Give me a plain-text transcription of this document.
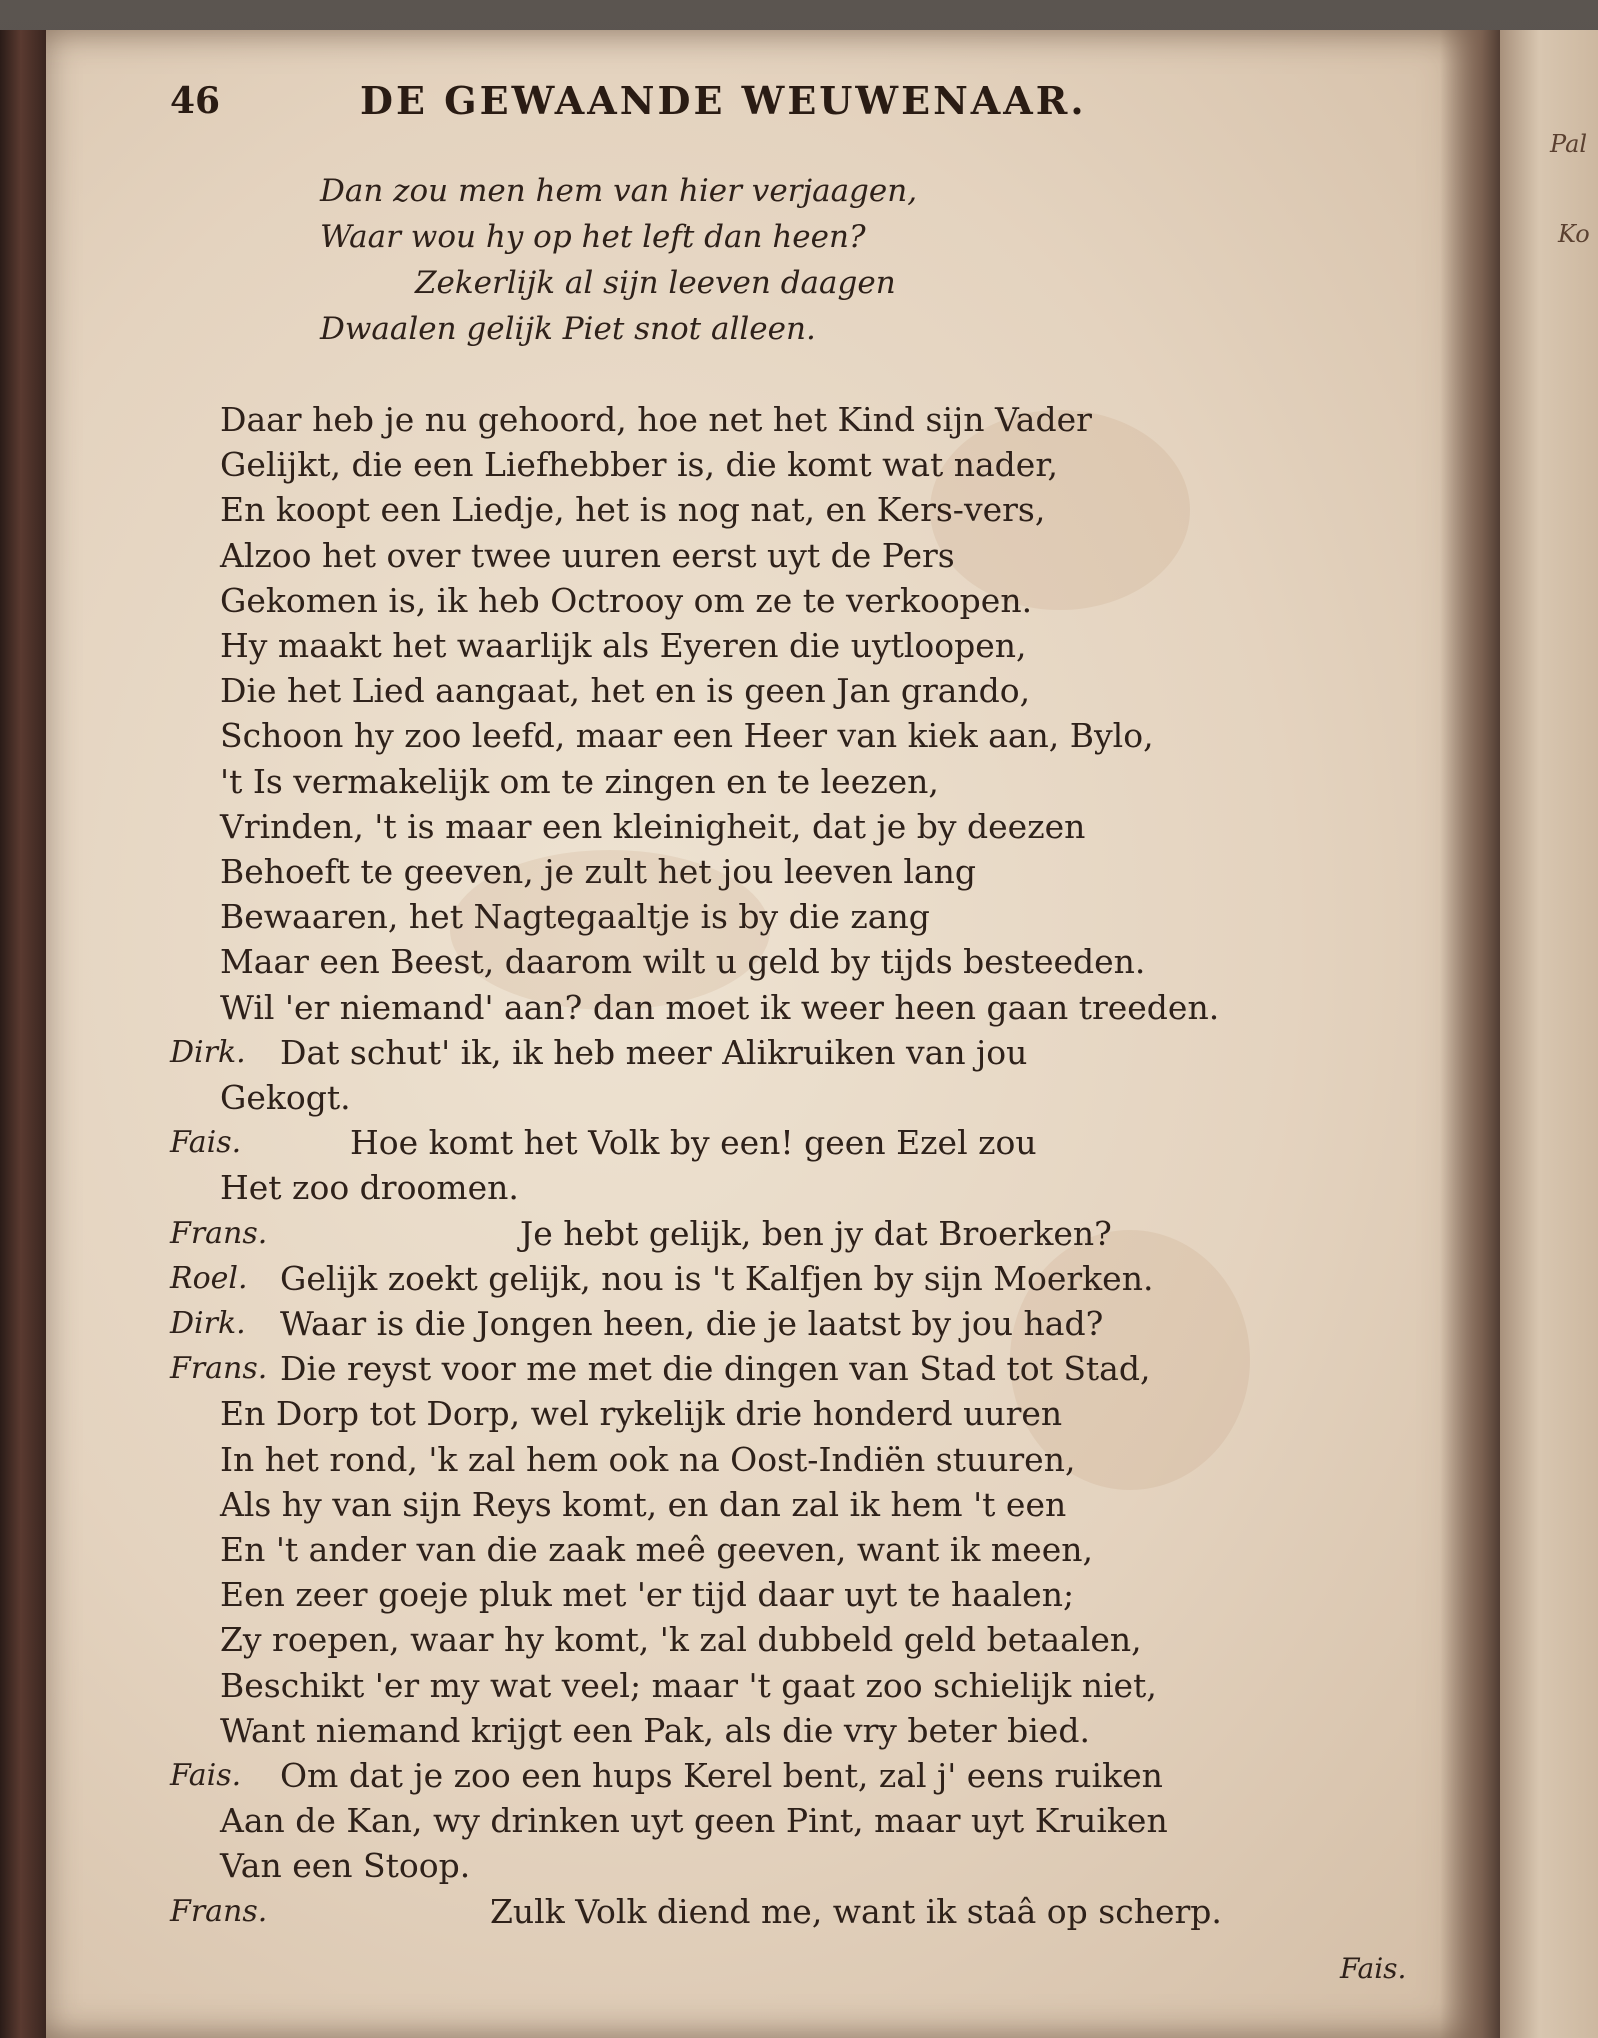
Pal
Ko
46	DE GEWAANDE WEUWENAAR.
Dan zou men hem van hier verjaagen,
Waar wou hy op het left dan heen?
Zekerlijk al sijn leeven daagen
Dwaalen gelijk Piet snot alleen.
Daar heb je nu gehoord, hoe net het Kind sijn Vader
Gelijkt, die een Liefhebber is, die komt wat nader,
En koopt een Liedje, het is nog nat, en Kers-vers,
Alzoo het over twee uuren eerst uyt de Pers
Gekomen is, ik heb Octrooy om ze te verkoopen.
Hy maakt het waarlijk als Eyeren die uytloopen,
Die het Lied aangaat, het en is geen Jan grando,
Schoon hy zoo leefd, maar een Heer van kiek aan, Bylo,
't Is vermakelijk om te zingen en te leezen,
Vrinden, 't is maar een kleinigheit, dat je by deezen
Behoeft te geeven, je zult het jou leeven lang
Bewaaren, het Nagtegaaltje is by die zang
Maar een Beest, daarom wilt u geld by tijds besteeden.
Wil 'er niemand' aan? dan moet ik weer heen gaan treeden.
Dirk. Dat schut' ik, ik heb meer Alikruiken van jou
Gekogt.
Fais.	Hoe komt het Volk by een! geen Ezel zou
Het zoo droomen.
Frans.	Je hebt gelijk, ben jy dat Broerken?
Roel. Gelijk zoekt gelijk, nou is 't Kalfjen by sijn Moerken.
Dirk. Waar is die Jongen heen, die je laatst by jou had?
Frans. Die reyst voor me met die dingen van Stad tot Stad,
En Dorp tot Dorp, wel rykelijk drie honderd uuren
In het rond, 'k zal hem ook na Oost-Indiën stuuren,
Als hy van sijn Reys komt, en dan zal ik hem 't een
En 't ander van die zaak meê geeven, want ik meen,
Een zeer goeje pluk met 'er tijd daar uyt te haalen;
Zy roepen, waar hy komt, 'k zal dubbeld geld betaalen,
Beschikt 'er my wat veel; maar 't gaat zoo schielijk niet,
Want niemand krijgt een Pak, als die vry beter bied.
Fais. Om dat je zoo een hups Kerel bent, zal j' eens ruiken
Aan de Kan, wy drinken uyt geen Pint, maar uyt Kruiken
Van een Stoop.
Frans.	Zulk Volk diend me, want ik staâ op scherp.
Fais.
